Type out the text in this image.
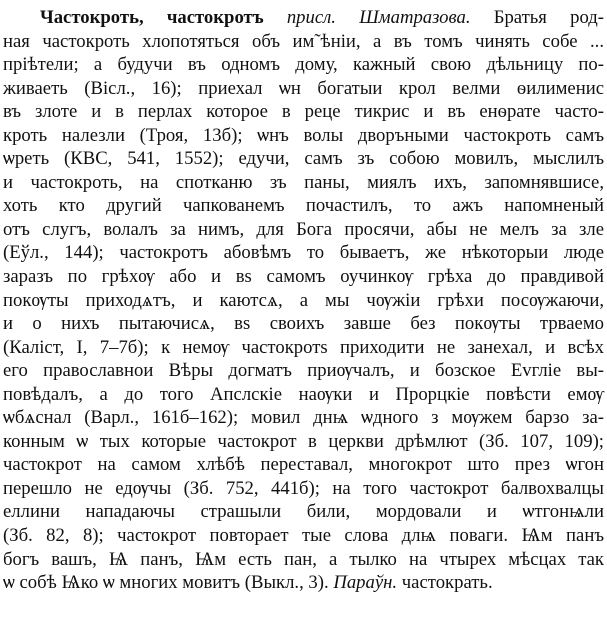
Частокроть, частокротъ присл. Шматразова. Братья род-
ная частокроть хлопотяться объ им˜ѣнiи, а въ томъ чинять собе ...
прiѣтели; а будучи въ одномъ дому, кажный свою дѣльницу по-
живаеть (Вiсл., 16); приехал ѡн богатыи крол велми ѳилименис
въ злоте и в перлах которое в реце тикрис и въ енѳрате часто-
кроть налезли (Троя, 13б); ѡнъ волы дворъными частокроть самъ
ѡреть (КВС, 541, 1552); едучи, самъ зъ собою мовилъ, мыслилъ
и частокроть, на спотканю зъ паны, миялъ ихъ, запомнявшисе,
хоть кто другий чапкованемъ почастилъ, то ажъ напомненый
отъ слугъ, волалъ за нимъ, для Бога просячи, абы не мелъ за зле
(Еўл., 144); частокротъ абовѣмъ то бываетъ, же нѣкоторыи люде
заразъ по грѣхѹ або и вѕ самомъ оучинкѹ грѣха до правдивой
покѹты приходѧтъ, и каютсѧ, а мы чѹжiи грѣхи посѹжаючи,
и о нихъ пытаючисѧ, вѕ своихъ завше без покѹты трваемо
(Калiст, І, 7–7б); к немѹ частокротѕ приходити не занехал, и всѣх
его православнои Вѣры догматъ приѹчалъ, и бозское Еvглiе вы-
повѣдалъ, а до того Апслскiе наѹки и Прорцкiе повѣсти емѹ
ѡбѧснал (Варл., 161б–162); мовил днѩ ѡдного з мѹжем барзо за-
конным ѡ тых которые частокрот в церкви дрѣмлют (Зб. 107, 109);
частокрот на самом хлѣбѣ переставал, многокрот што през ѡгон
перешло не едѹчы (Зб. 752, 441б); на того частокрот балвохвалцы
еллини нападаючы страшыли били, мордовали и ѡтгонѩли
(Зб. 82, 8); частокрот повторает тые слова длѩ поваги. Ѩм панъ
богъ вашъ, Ѩ панъ, Ѩм есть пан, а тылко на чтырех мѣсцах так
ѡ собѣ Ѩко ѡ многих мовитъ (Выкл., 3). Параўн. частократь.
